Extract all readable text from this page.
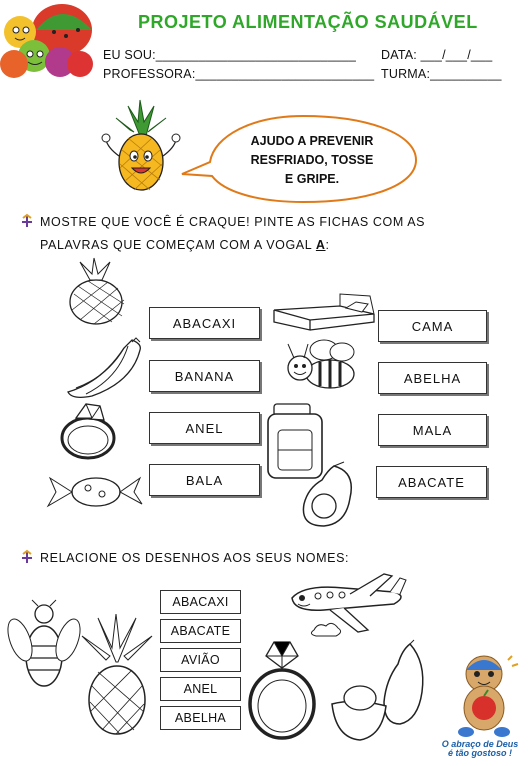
PROJETO ALIMENTAÇÃO SAUDÁVEL
EU SOU:____________________________ DATA: ___/___/___
PROFESSORA:_________________________ TURMA:__________
AJUDO A PREVENIR
RESFRIADO, TOSSE
E GRIPE.
MOSTRE QUE VOCÊ É CRAQUE! PINTE AS FICHAS COM AS
PALAVRAS QUE COMEÇAM COM A VOGAL A:
ABACAXI
BANANA
ANEL
BALA
CAMA
ABELHA
MALA
ABACATE
RELACIONE OS DESENHOS AOS SEUS NOMES:
ABACAXI
ABACATE
AVIÃO
ANEL
ABELHA
O abraço de Deus
é tão gostoso !
